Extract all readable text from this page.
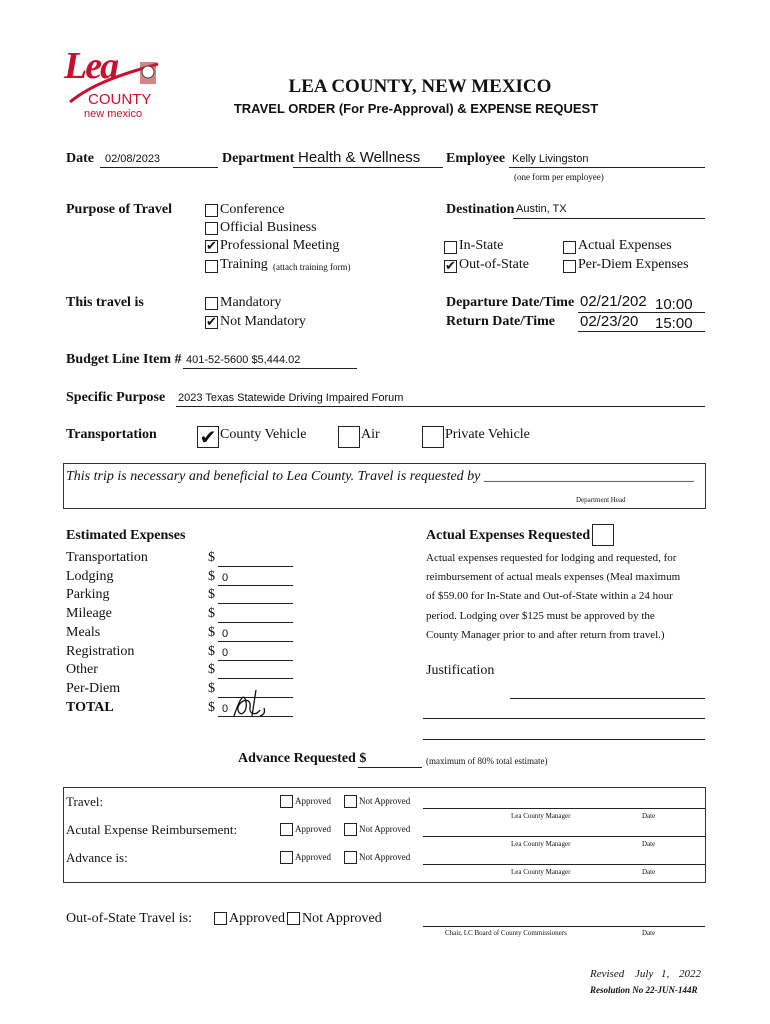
Lea
COUNTY
new mexico
LEA COUNTY, NEW MEXICO
TRAVEL ORDER (For Pre-Approval) & EXPENSE REQUEST
Date 02/08/2023	Department Health & Wellness Employee Kelly Livingston
(one form per employee)
Purpose of Travel	Conference
Official Business
✔ Professional Meeting
Training (attach training form)
Destination Austin, TX
In-State
✔ Out-of-State
Actual Expenses
Per-Diem Expenses
This travel is	Mandatory
✔ Not Mandatory
Departure Date/Time 02/21/202 10:00
Return Date/Time 02/23/20 15:00
Budget Line Item # 401-52-5600 $5,444.02
Specific Purpose 2023 Texas Statewide Driving Impaired Forum
Transportation ✔ County Vehicle	Air	Private Vehicle
This trip is necessary and beneficial to Lea County. Travel is requested by ______________________________
Department Head
Estimated Expenses
Transportation	$
Lodging	$ 0
Parking	$
Mileage	$
Meals	$ 0
Registration	$ 0
Other	$
Per-Diem	$
TOTAL	$ 0
Actual Expenses Requested
Actual expenses requested for lodging and requested, for
reimbursement of actual meals expenses (Meal maximum
of $59.00 for In-State and Out-of-State within a 24 hour
period. Lodging over $125 must be approved by the
County Manager prior to and after return from travel.)
Justification
Advance Requested $	(maximum of 80% total estimate)
Travel:	Approved	Not Approved
Lea County Manager	Date
Acutal Expense Reimbursement:	Approved	Not Approved
Lea County Manager	Date
Advance is:	Approved	Not Approved
Lea County Manager	Date
Out-of-State Travel is:	Approved Not Approved
Chair, LC Board of County Commissioners	Date
Revised July 1, 2022
Resolution No 22-JUN-144R
